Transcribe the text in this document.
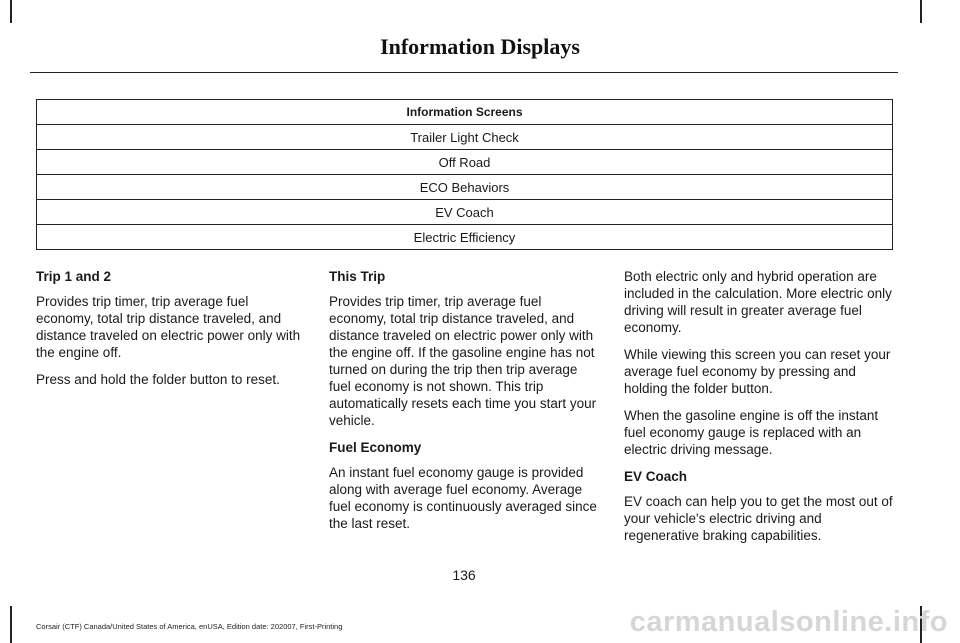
Information Displays
Information Screens
Trailer Light Check
Off Road
ECO Behaviors
EV Coach
Electric Efficiency
Trip 1 and 2

Provides trip timer, trip average fuel economy, total trip distance traveled, and distance traveled on electric power only with the engine off.

Press and hold the folder button to reset.

This Trip

Provides trip timer, trip average fuel economy, total trip distance traveled, and distance traveled on electric power only with the engine off. If the gasoline engine has not turned on during the trip then trip average fuel economy is not shown. This trip automatically resets each time you start your vehicle.

Fuel Economy

An instant fuel economy gauge is provided along with average fuel economy. Average fuel economy is continuously averaged since the last reset.

Both electric only and hybrid operation are included in the calculation. More electric only driving will result in greater average fuel economy.

While viewing this screen you can reset your average fuel economy by pressing and holding the folder button.

When the gasoline engine is off the instant fuel economy gauge is replaced with an electric driving message.

EV Coach

EV coach can help you to get the most out of your vehicle's electric driving and regenerative braking capabilities.

136
Corsair (CTF) Canada/United States of America, enUSA, Edition date: 202007, First-Printing	carmanualsonline.info
